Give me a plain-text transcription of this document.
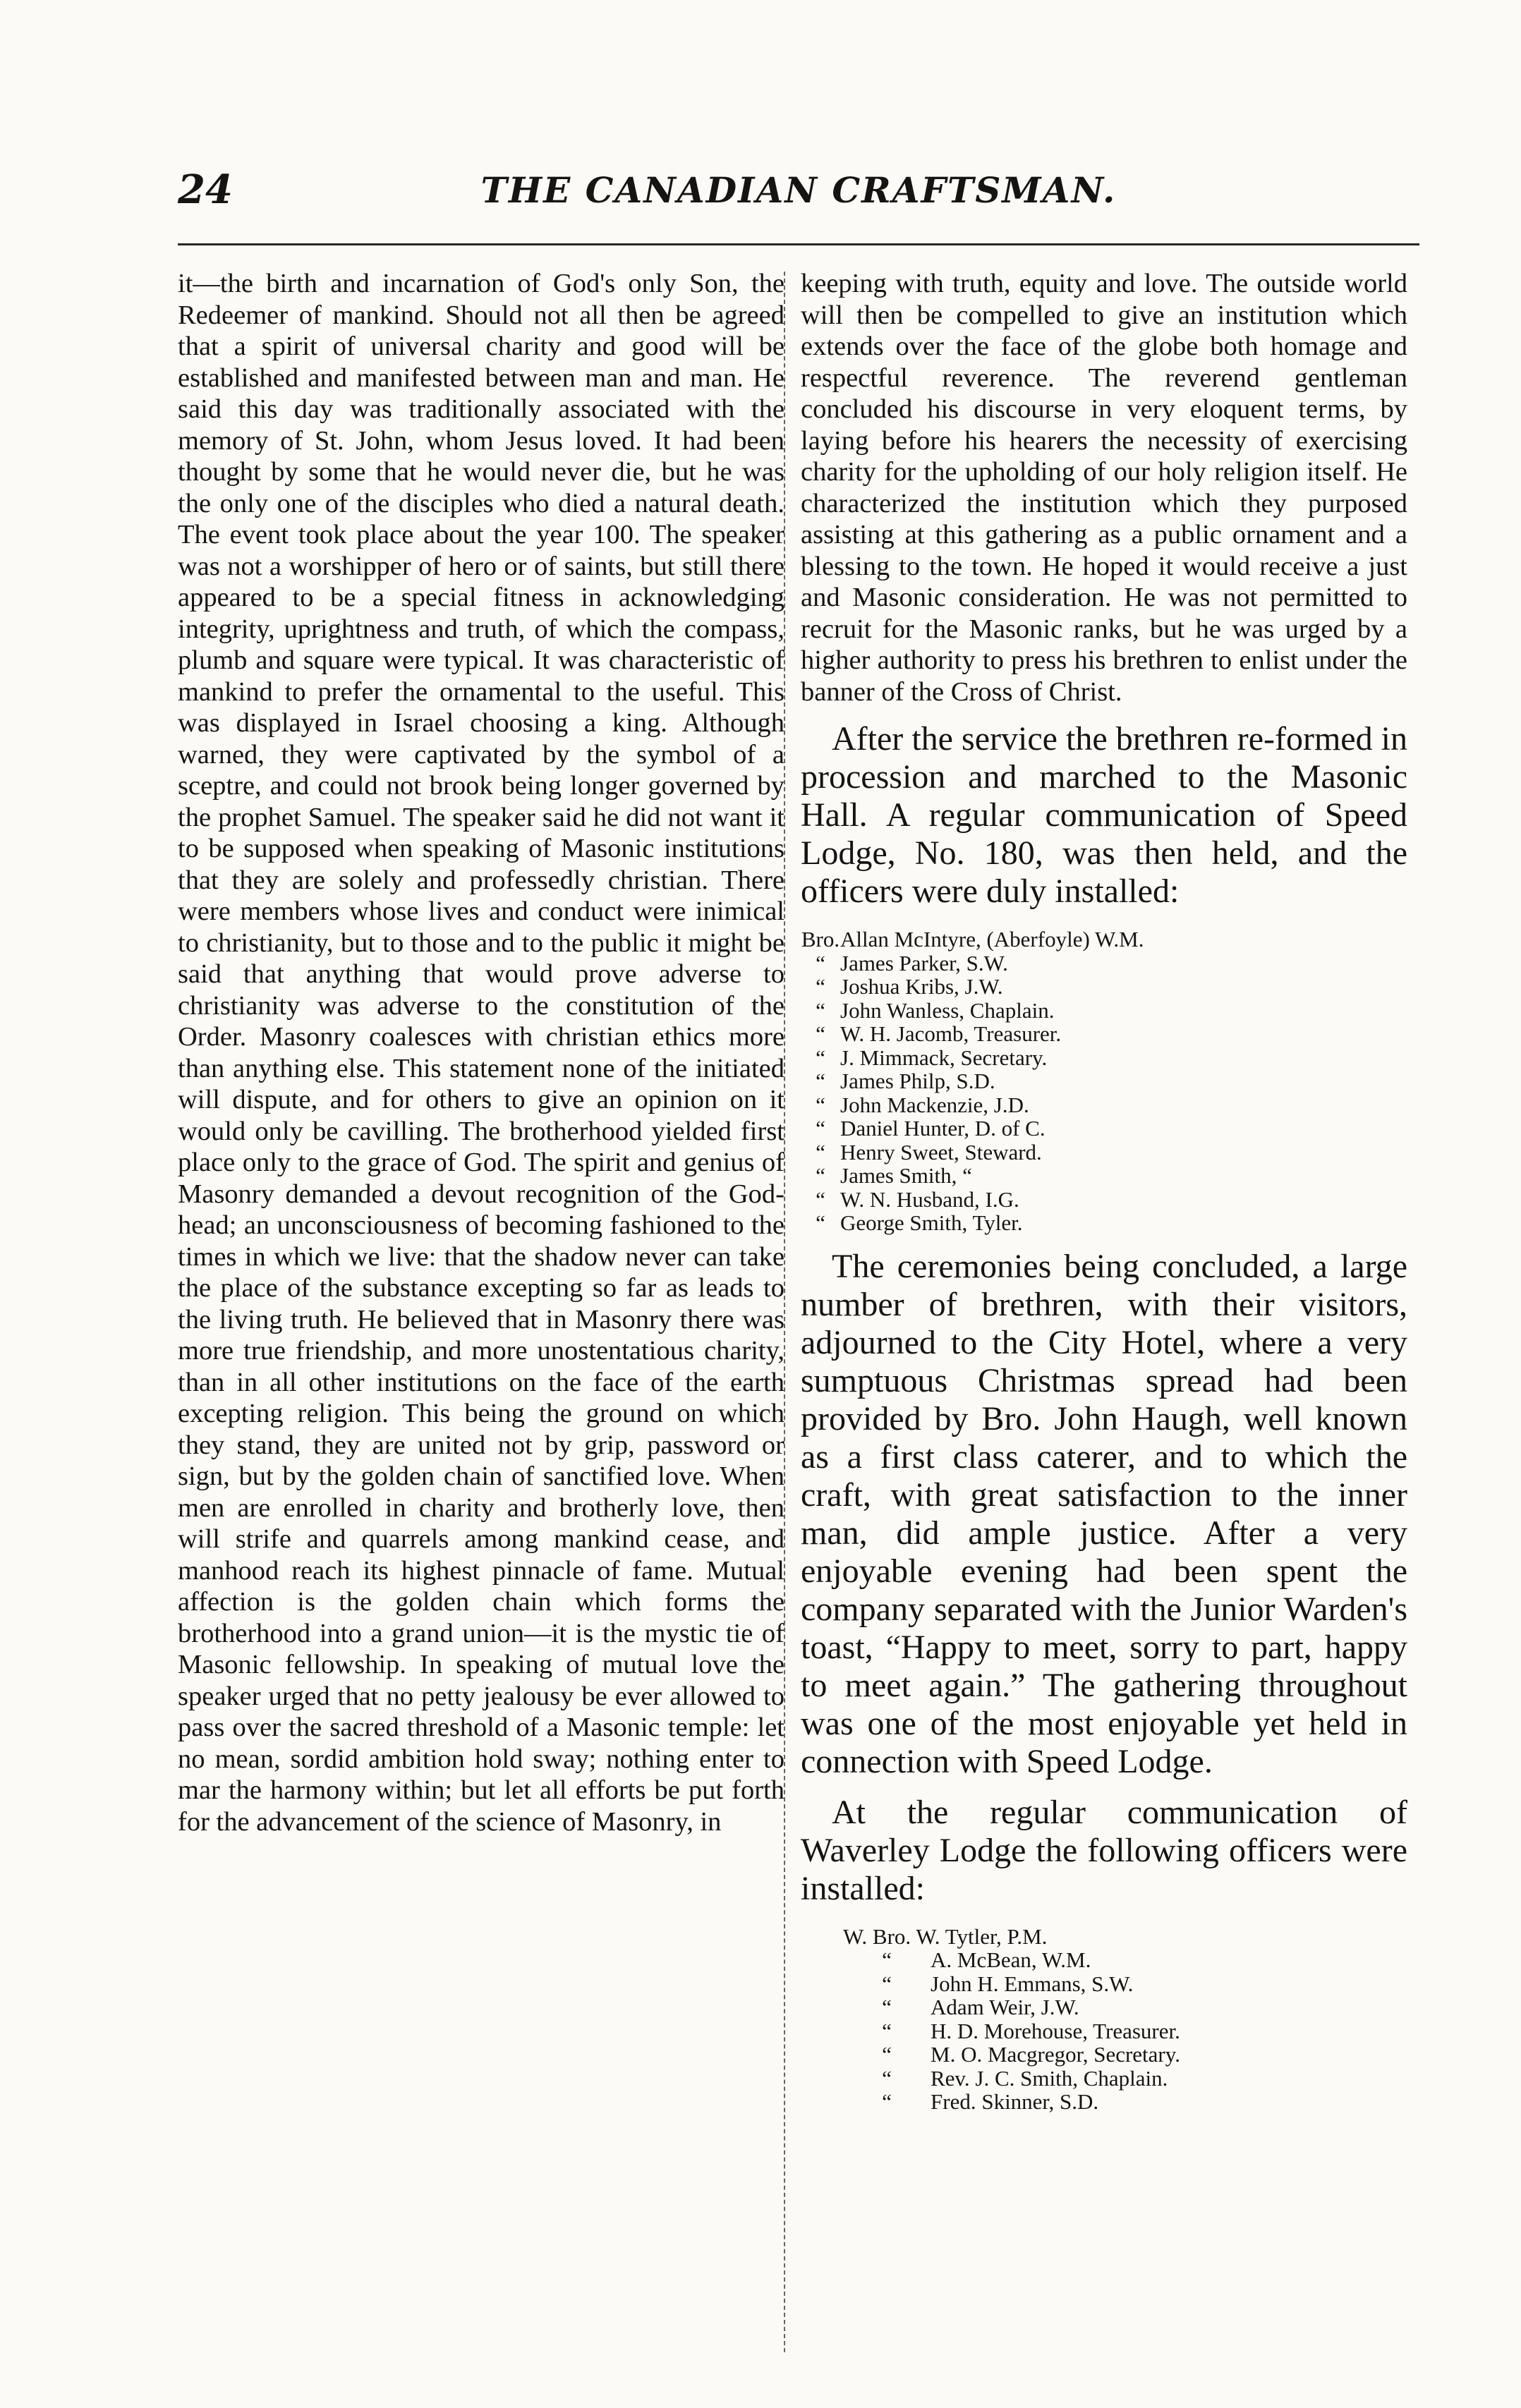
24	THE CANADIAN CRAFTSMAN.

it—the birth and incarnation of God's only Son, the Redeemer of mankind. Should not all then be agreed that a spirit of universal charity and good will be established and manifested between man and man. He said this day was traditionally associated with the memory of St. John, whom Jesus loved. It had been thought by some that he would never die, but he was the only one of the disciples who died a natural death. The event took place about the year 100. The speaker was not a worshipper of hero or of saints, but still there appeared to be a special fitness in acknowledging integrity, uprightness and truth, of which the compass, plumb and square were typical. It was characteristic of mankind to prefer the ornamental to the useful. This was displayed in Israel choosing a king. Although warned, they were captivated by the symbol of a sceptre, and could not brook being longer governed by the prophet Samuel. The speaker said he did not want it to be supposed when speaking of Masonic institutions that they are solely and professedly christian. There were members whose lives and conduct were inimical to christianity, but to those and to the public it might be said that anything that would prove adverse to christianity was adverse to the constitution of the Order. Masonry coalesces with christian ethics more than anything else. This statement none of the initiated will dispute, and for others to give an opinion on it would only be cavilling. The brotherhood yielded first place only to the grace of God. The spirit and genius of Masonry demanded a devout recognition of the God-head; an unconsciousness of becoming fashioned to the times in which we live: that the shadow never can take the place of the substance excepting so far as leads to the living truth. He believed that in Masonry there was more true friendship, and more unostentatious charity, than in all other institutions on the face of the earth excepting religion. This being the ground on which they stand, they are united not by grip, password or sign, but by the golden chain of sanctified love. When men are enrolled in charity and brotherly love, then will strife and quarrels among mankind cease, and manhood reach its highest pinnacle of fame. Mutual affection is the golden chain which forms the brotherhood into a grand union—it is the mystic tie of Masonic fellowship. In speaking of mutual love the speaker urged that no petty jealousy be ever allowed to pass over the sacred threshold of a Masonic temple: let no mean, sordid ambition hold sway; nothing enter to mar the harmony within; but let all efforts be put forth for the advancement of the science of Masonry, in

keeping with truth, equity and love. The outside world will then be compelled to give an institution which extends over the face of the globe both homage and respectful reverence. The reverend gentleman concluded his discourse in very eloquent terms, by laying before his hearers the necessity of exercising charity for the upholding of our holy religion itself. He characterized the institution which they purposed assisting at this gathering as a public ornament and a blessing to the town. He hoped it would receive a just and Masonic consideration. He was not permitted to recruit for the Masonic ranks, but he was urged by a higher authority to press his brethren to enlist under the banner of the Cross of Christ.

After the service the brethren re-formed in procession and marched to the Masonic Hall. A regular communication of Speed Lodge, No. 180, was then held, and the officers were duly installed:

Bro.Allan McIntyre, (Aberfoyle) W.M.
“ James Parker, S.W.
“ Joshua Kribs, J.W.
“ John Wanless, Chaplain.
“ W. H. Jacomb, Treasurer.
“ J. Mimmack, Secretary.
“ James Philp, S.D.
“ John Mackenzie, J.D.
“ Daniel Hunter, D. of C.
“ Henry Sweet, Steward.
“ James Smith, “
“ W. N. Husband, I.G.
“ George Smith, Tyler.

The ceremonies being concluded, a large number of brethren, with their visitors, adjourned to the City Hotel, where a very sumptuous Christmas spread had been provided by Bro. John Haugh, well known as a first class caterer, and to which the craft, with great satisfaction to the inner man, did ample justice. After a very enjoyable evening had been spent the company separated with the Junior Warden's toast, “Happy to meet, sorry to part, happy to meet again.” The gathering throughout was one of the most enjoyable yet held in connection with Speed Lodge.

At the regular communication of Waverley Lodge the following officers were installed:

W. Bro. W. Tytler, P.M.
“ A. McBean, W.M.
“ John H. Emmans, S.W.
“ Adam Weir, J.W.
“ H. D. Morehouse, Treasurer.
“ M. O. Macgregor, Secretary.
“ Rev. J. C. Smith, Chaplain.
“ Fred. Skinner, S.D.
